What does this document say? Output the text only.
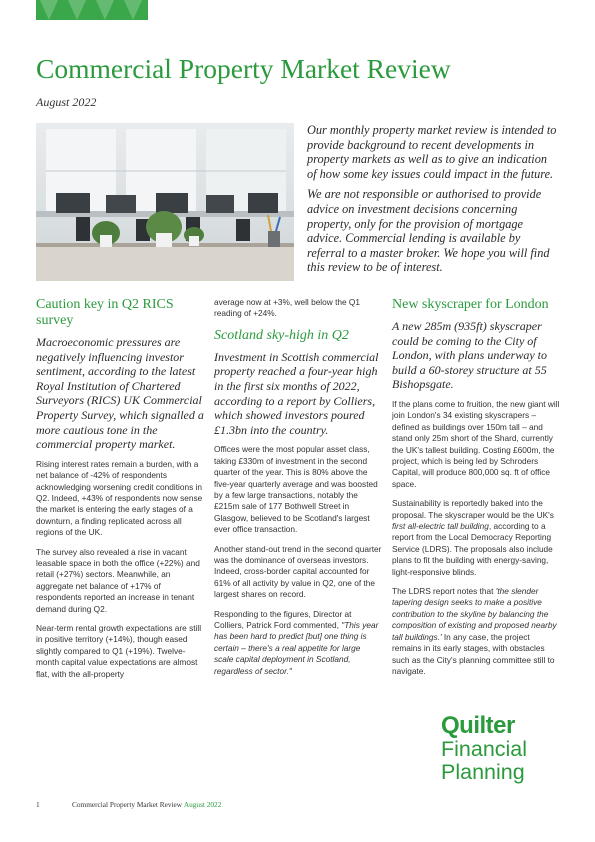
Commercial Property Market Review
August 2022

Our monthly property market review is intended to provide background to recent developments in property markets as well as to give an indication of how some key issues could impact in the future.

We are not responsible or authorised to provide advice on investment decisions concerning property, only for the provision of mortgage advice. Commercial lending is available by referral to a master broker. We hope you will find this review to be of interest.

Caution key in Q2 RICS survey

Macroeconomic pressures are negatively influencing investor sentiment, according to the latest Royal Institution of Chartered Surveyors (RICS) UK Commercial Property Survey, which signalled a more cautious tone in the commercial property market.

Rising interest rates remain a burden, with a net balance of -42% of respondents acknowledging worsening credit conditions in Q2. Indeed, +43% of respondents now sense the market is entering the early stages of a downturn, a finding replicated across all regions of the UK.

The survey also revealed a rise in vacant leasable space in both the office (+22%) and retail (+27%) sectors. Meanwhile, an aggregate net balance of +17% of respondents reported an increase in tenant demand during Q2.

Near-term rental growth expectations are still in positive territory (+14%), though eased slightly compared to Q1 (+19%). Twelve-month capital value expectations are almost flat, with the all-property

average now at +3%, well below the Q1 reading of +24%.

Scotland sky-high in Q2

Investment in Scottish commercial property reached a four-year high in the first six months of 2022, according to a report by Colliers, which showed investors poured £1.3bn into the country.

Offices were the most popular asset class, taking £330m of investment in the second quarter of the year. This is 80% above the five-year quarterly average and was boosted by a few large transactions, notably the £215m sale of 177 Bothwell Street in Glasgow, believed to be Scotland's largest ever office transaction.

Another stand-out trend in the second quarter was the dominance of overseas investors. Indeed, cross-border capital accounted for 61% of all activity by value in Q2, one of the largest shares on record.

Responding to the figures, Director at Colliers, Patrick Ford commented, "This year has been hard to predict [but] one thing is certain – there's a real appetite for large scale capital deployment in Scotland, regardless of sector."

New skyscraper for London

A new 285m (935ft) skyscraper could be coming to the City of London, with plans underway to build a 60-storey structure at 55 Bishopsgate.

If the plans come to fruition, the new giant will join London's 34 existing skyscrapers – defined as buildings over 150m tall – and stand only 25m short of the Shard, currently the UK's tallest building. Costing £600m, the project, which is being led by Schroders Capital, will produce 800,000 sq. ft of office space.

Sustainability is reportedly baked into the proposal. The skyscraper would be the UK's first all-electric tall building, according to a report from the Local Democracy Reporting Service (LDRS). The proposals also include plans to fit the building with energy-saving, light-responsive blinds.

The LDRS report notes that 'the slender tapering design seeks to make a positive contribution to the skyline by balancing the composition of existing and proposed nearby tall buildings.' In any case, the project remains in its early stages, with obstacles such as the City's planning committee still to navigate.

Quilter
Financial
Planning
1	Commercial Property Market Review August 2022
